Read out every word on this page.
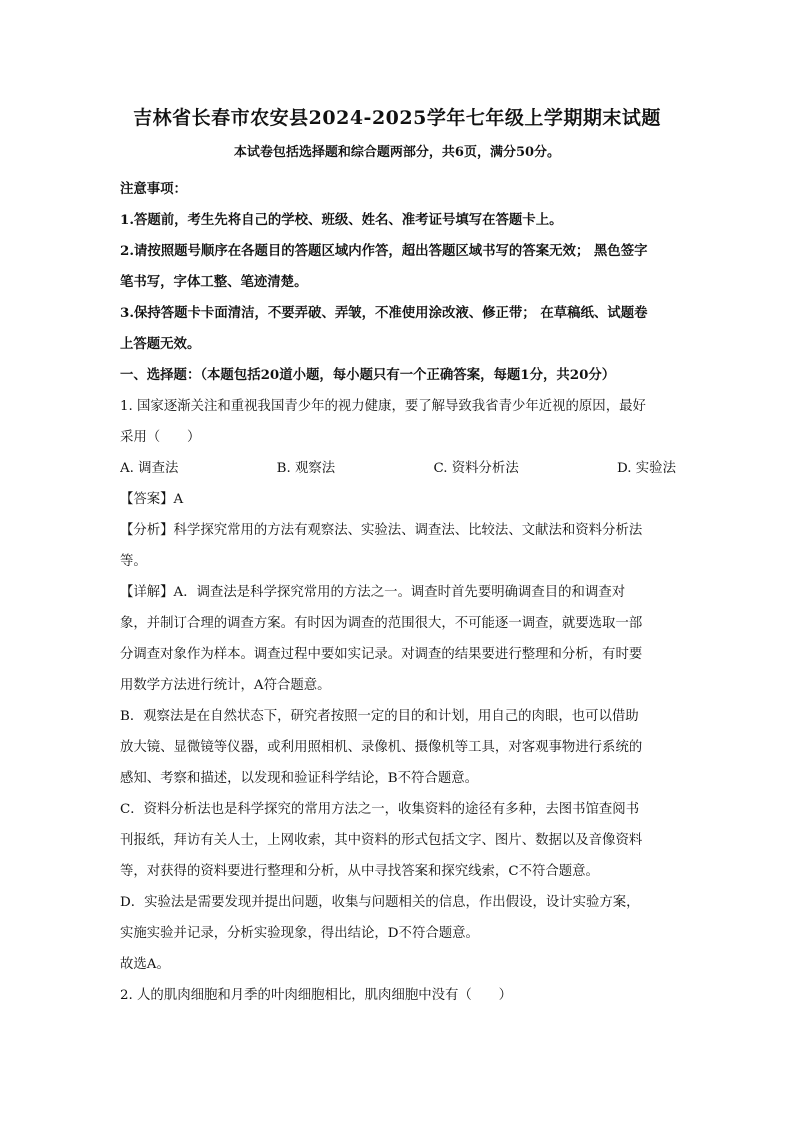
吉林省长春市农安县2024-2025学年七年级上学期期末试题
本试卷包括选择题和综合题两部分，共6页，满分50分。
注意事项：
1.答题前，考生先将自己的学校、班级、姓名、准考证号填写在答题卡上。
2.请按照题号顺序在各题目的答题区域内作答，超出答题区域书写的答案无效； 黑色签字
笔书写，字体工整、笔迹清楚。
3.保持答题卡卡面清洁，不要弄破、弄皱，不准使用涂改液、修正带； 在草稿纸、试题卷
上答题无效。
一、选择题：（本题包括20道小题，每小题只有一个正确答案，每题1分，共20分）
1. 国家逐渐关注和重视我国青少年的视力健康，要了解导致我省青少年近视的原因，最好
采用（　　）
A. 调查法	B. 观察法	C. 资料分析法	D. 实验法
【答案】A
【分析】科学探究常用的方法有观察法、实验法、调查法、比较法、文献法和资料分析法
等。
【详解】A．调查法是科学探究常用的方法之一。调查时首先要明确调查目的和调查对
象，并制订合理的调查方案。有时因为调查的范围很大，不可能逐一调查，就要选取一部
分调查对象作为样本。调查过程中要如实记录。对调查的结果要进行整理和分析，有时要
用数学方法进行统计，A符合题意。
B．观察法是在自然状态下，研究者按照一定的目的和计划，用自己的肉眼，也可以借助
放大镜、显微镜等仪器，或利用照相机、录像机、摄像机等工具，对客观事物进行系统的
感知、考察和描述，以发现和验证科学结论，B不符合题意。
C．资料分析法也是科学探究的常用方法之一，收集资料的途径有多种，去图书馆查阅书
刊报纸，拜访有关人士，上网收索，其中资料的形式包括文字、图片、数据以及音像资料
等，对获得的资料要进行整理和分析，从中寻找答案和探究线索，C不符合题意。
D．实验法是需要发现并提出问题，收集与问题相关的信息，作出假设，设计实验方案，
实施实验并记录，分析实验现象，得出结论，D不符合题意。
故选A。
2. 人的肌肉细胞和月季的叶肉细胞相比，肌肉细胞中没有（　　）
